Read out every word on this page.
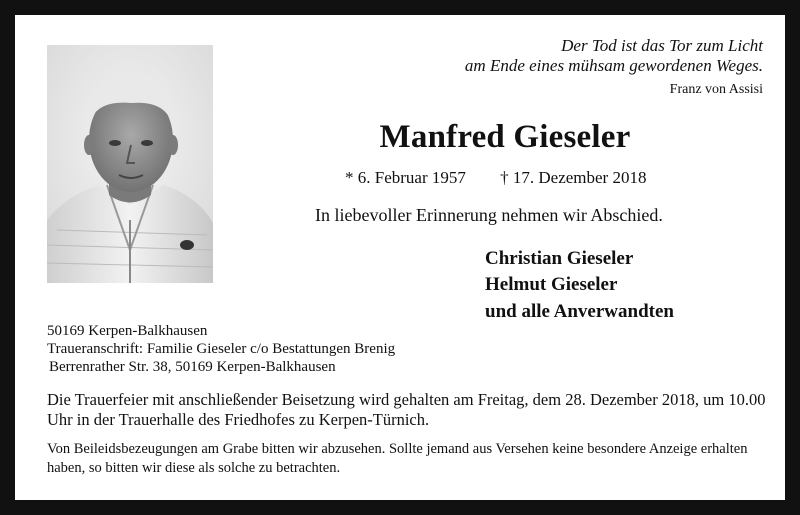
Der Tod ist das Tor zum Licht
am Ende eines mühsam gewordenen Weges.
Franz von Assisi
Manfred Gieseler
* 6. Februar 1957 † 17. Dezember 2018
In liebevoller Erinnerung nehmen wir Abschied.
Christian Gieseler
Helmut Gieseler
und alle Anverwandten
50169 Kerpen-Balkhausen
Traueranschrift: Familie Gieseler c/o Bestattungen Brenig
Berrenrather Str. 38, 50169 Kerpen-Balkhausen
Die Trauerfeier mit anschließender Beisetzung wird gehalten am Freitag, dem 28. Dezember 2018, um 10.00 Uhr in der Trauerhalle des Friedhofes zu Kerpen-Türnich.
Von Beileidsbezeugungen am Grabe bitten wir abzusehen. Sollte jemand aus Versehen keine besondere Anzeige erhalten haben, so bitten wir diese als solche zu betrachten.
